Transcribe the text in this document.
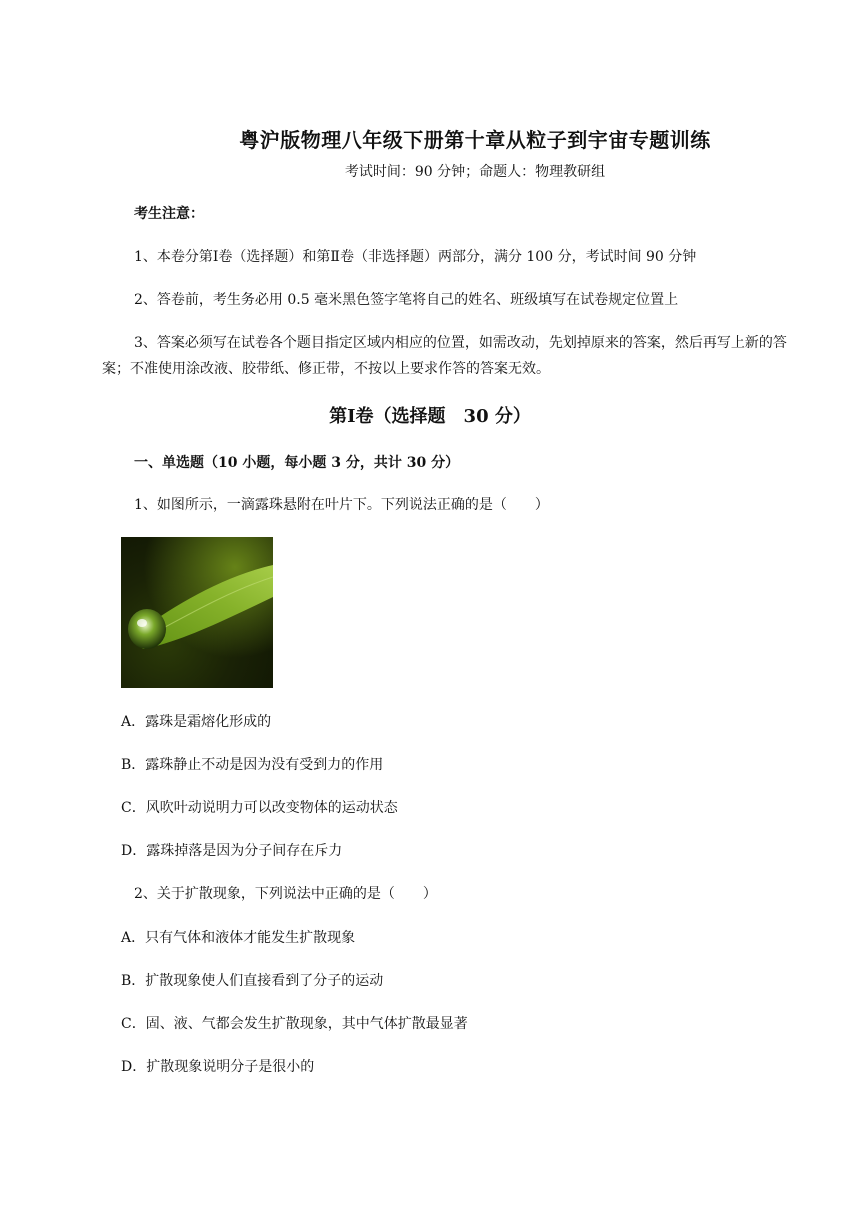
粤沪版物理八年级下册第十章从粒子到宇宙专题训练
考试时间：90 分钟；命题人：物理教研组
考生注意：
1、本卷分第Ⅰ卷（选择题）和第Ⅱ卷（非选择题）两部分，满分 100 分，考试时间 90 分钟
2、答卷前，考生务必用 0.5 毫米黑色签字笔将自己的姓名、班级填写在试卷规定位置上
3、答案必须写在试卷各个题目指定区域内相应的位置，如需改动，先划掉原来的答案，然后再写上新的答案；不准使用涂改液、胶带纸、修正带，不按以上要求作答的答案无效。
第Ⅰ卷（选择题　30 分）
一、单选题（10 小题，每小题 3 分，共计 30 分）
1、如图所示，一滴露珠悬附在叶片下。下列说法正确的是（　　）
A．露珠是霜熔化形成的
B．露珠静止不动是因为没有受到力的作用
C．风吹叶动说明力可以改变物体的运动状态
D．露珠掉落是因为分子间存在斥力
2、关于扩散现象，下列说法中正确的是（　　）
A．只有气体和液体才能发生扩散现象
B．扩散现象使人们直接看到了分子的运动
C．固、液、气都会发生扩散现象，其中气体扩散最显著
D．扩散现象说明分子是很小的
